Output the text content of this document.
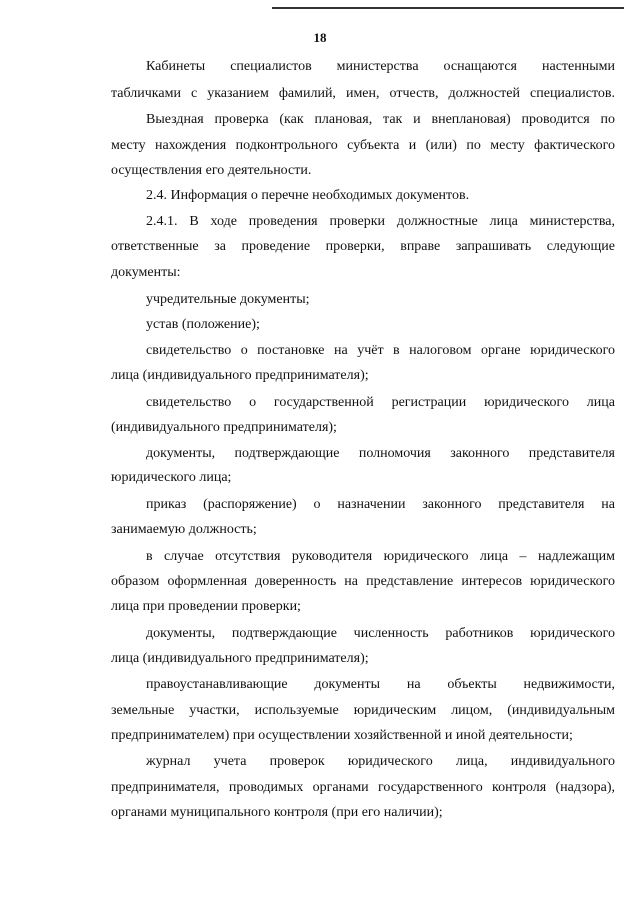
18
Кабинеты специалистов министерства оснащаются настенными
табличками с указанием фамилий, имен, отчеств, должностей специалистов.
Выездная проверка (как плановая, так и внеплановая) проводится по
месту нахождения подконтрольного субъекта и (или) по месту фактического
осуществления его деятельности.
2.4. Информация о перечне необходимых документов.
2.4.1. В ходе проведения проверки должностные лица министерства,
ответственные за проведение проверки, вправе запрашивать следующие
документы:
учредительные документы;
устав (положение);
свидетельство о постановке на учёт в налоговом органе юридического
лица (индивидуального предпринимателя);
свидетельство о государственной регистрации юридического лица
(индивидуального предпринимателя);
документы, подтверждающие полномочия законного представителя
юридического лица;
приказ (распоряжение) о назначении законного представителя на
занимаемую должность;
в случае отсутствия руководителя юридического лица – надлежащим
образом оформленная доверенность на представление интересов юридического
лица при проведении проверки;
документы, подтверждающие численность работников юридического
лица (индивидуального предпринимателя);
правоустанавливающие документы на объекты недвижимости,
земельные участки, используемые юридическим лицом, (индивидуальным
предпринимателем) при осуществлении хозяйственной и иной деятельности;
журнал учета проверок юридического лица, индивидуального
предпринимателя, проводимых органами государственного контроля (надзора),
органами муниципального контроля (при его наличии);
